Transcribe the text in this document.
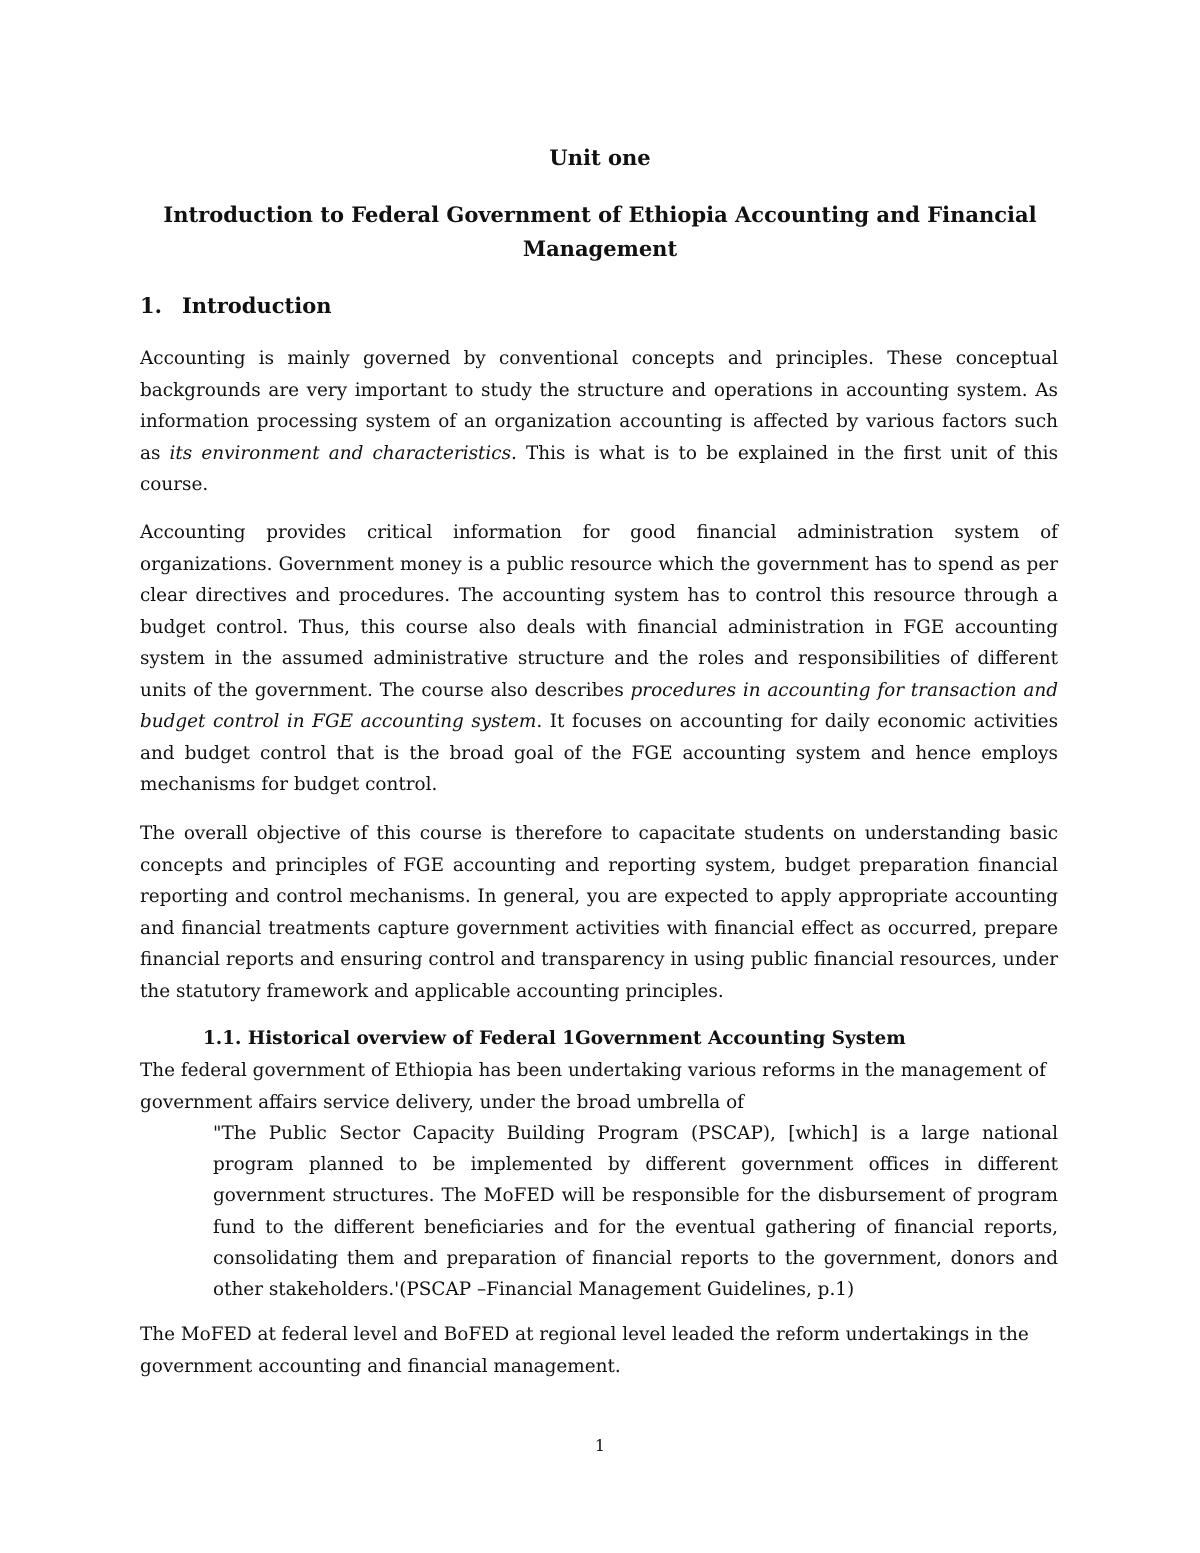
Unit one
Introduction to Federal Government of Ethiopia Accounting and Financial Management
1. Introduction
Accounting is mainly governed by conventional concepts and principles. These conceptual backgrounds are very important to study the structure and operations in accounting system. As information processing system of an organization accounting is affected by various factors such as its environment and characteristics. This is what is to be explained in the first unit of this course.
Accounting provides critical information for good financial administration system of organizations. Government money is a public resource which the government has to spend as per clear directives and procedures. The accounting system has to control this resource through a budget control. Thus, this course also deals with financial administration in FGE accounting system in the assumed administrative structure and the roles and responsibilities of different units of the government. The course also describes procedures in accounting for transaction and budget control in FGE accounting system. It focuses on accounting for daily economic activities and budget control that is the broad goal of the FGE accounting system and hence employs mechanisms for budget control.
The overall objective of this course is therefore to capacitate students on understanding basic concepts and principles of FGE accounting and reporting system, budget preparation financial reporting and control mechanisms. In general, you are expected to apply appropriate accounting and financial treatments capture government activities with financial effect as occurred, prepare financial reports and ensuring control and transparency in using public financial resources, under the statutory framework and applicable accounting principles.
1.1. Historical overview of Federal 1Government Accounting System
The federal government of Ethiopia has been undertaking various reforms in the management of government affairs service delivery, under the broad umbrella of
"The Public Sector Capacity Building Program (PSCAP), [which] is a large national program planned to be implemented by different government offices in different government structures. The MoFED will be responsible for the disbursement of program fund to the different beneficiaries and for the eventual gathering of financial reports, consolidating them and preparation of financial reports to the government, donors and other stakeholders.'(PSCAP –Financial Management Guidelines, p.1)
The MoFED at federal level and BoFED at regional level leaded the reform undertakings in the government accounting and financial management.
1
